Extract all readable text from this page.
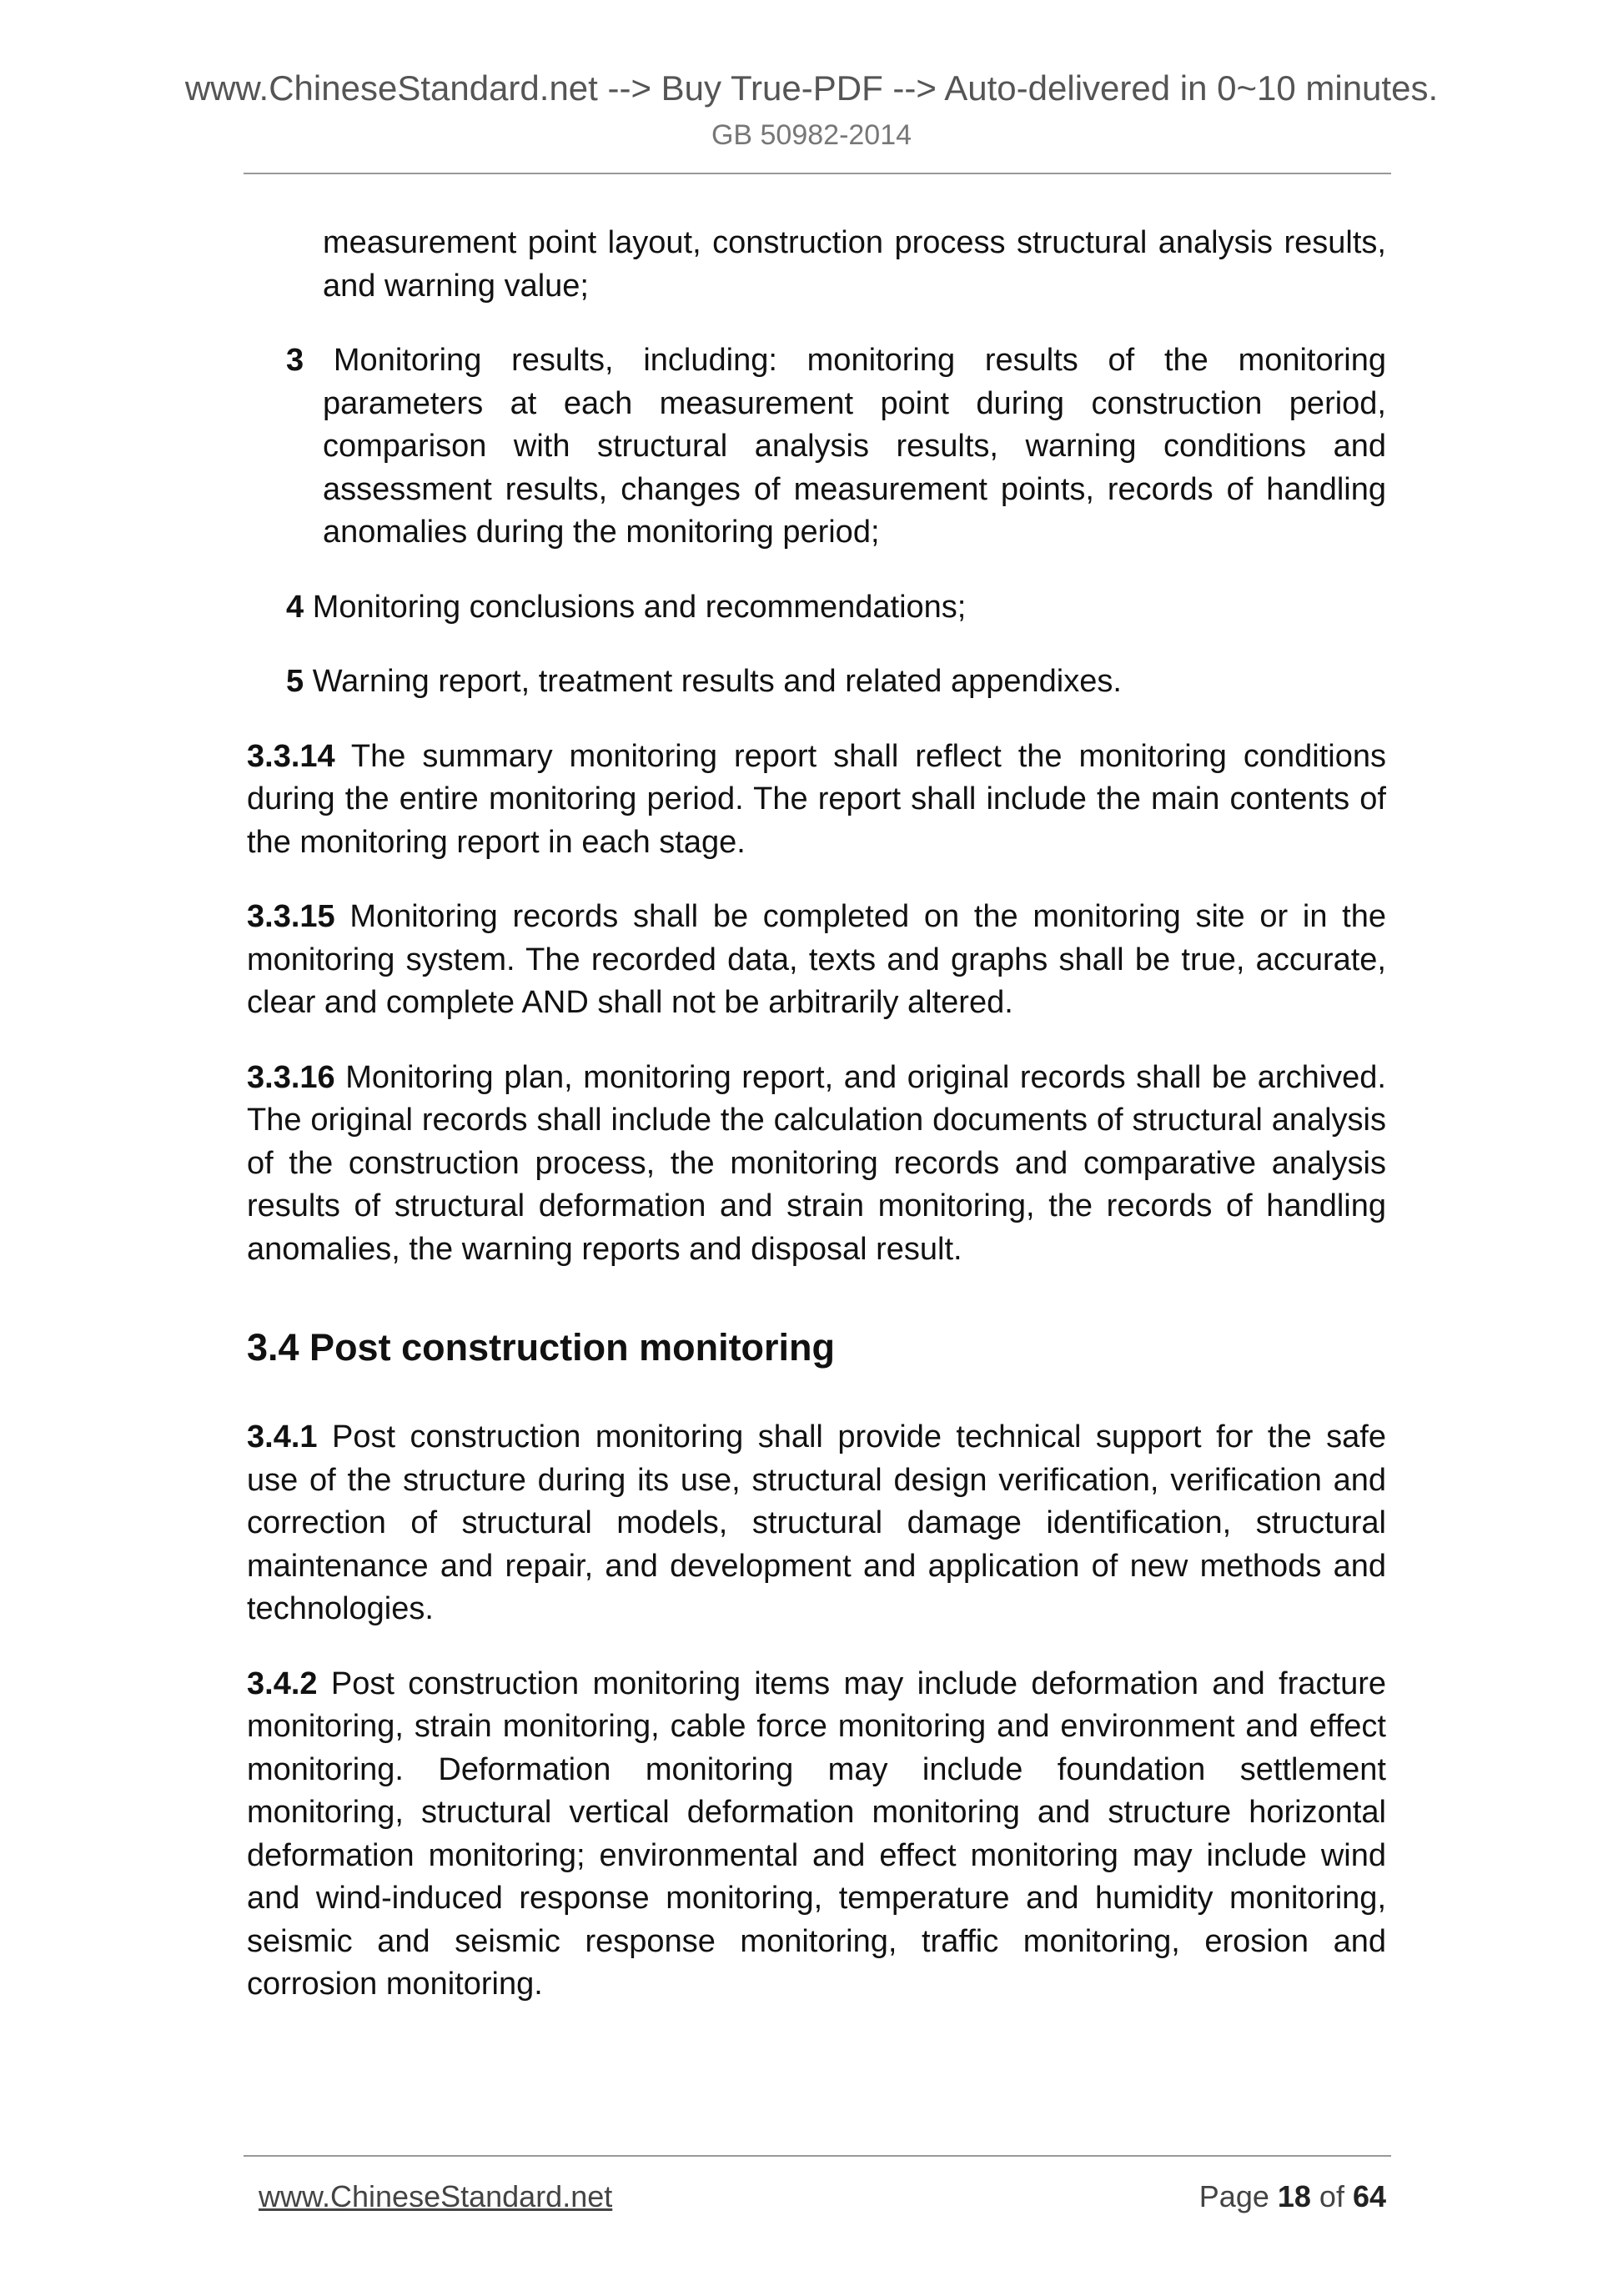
www.ChineseStandard.net --> Buy True-PDF --> Auto-delivered in 0~10 minutes.
GB 50982-2014

measurement point layout, construction process structural analysis results, and warning value;

3 Monitoring results, including: monitoring results of the monitoring parameters at each measurement point during construction period, comparison with structural analysis results, warning conditions and assessment results, changes of measurement points, records of handling anomalies during the monitoring period;

4 Monitoring conclusions and recommendations;

5 Warning report, treatment results and related appendixes.

3.3.14 The summary monitoring report shall reflect the monitoring conditions during the entire monitoring period. The report shall include the main contents of the monitoring report in each stage.

3.3.15 Monitoring records shall be completed on the monitoring site or in the monitoring system. The recorded data, texts and graphs shall be true, accurate, clear and complete AND shall not be arbitrarily altered.

3.3.16 Monitoring plan, monitoring report, and original records shall be archived. The original records shall include the calculation documents of structural analysis of the construction process, the monitoring records and comparative analysis results of structural deformation and strain monitoring, the records of handling anomalies, the warning reports and disposal result.

3.4 Post construction monitoring

3.4.1 Post construction monitoring shall provide technical support for the safe use of the structure during its use, structural design verification, verification and correction of structural models, structural damage identification, structural maintenance and repair, and development and application of new methods and technologies.

3.4.2 Post construction monitoring items may include deformation and fracture monitoring, strain monitoring, cable force monitoring and environment and effect monitoring. Deformation monitoring may include foundation settlement monitoring, structural vertical deformation monitoring and structure horizontal deformation monitoring; environmental and effect monitoring may include wind and wind-induced response monitoring, temperature and humidity monitoring, seismic and seismic response monitoring, traffic monitoring, erosion and corrosion monitoring.

www.ChineseStandard.net	Page 18 of 64
